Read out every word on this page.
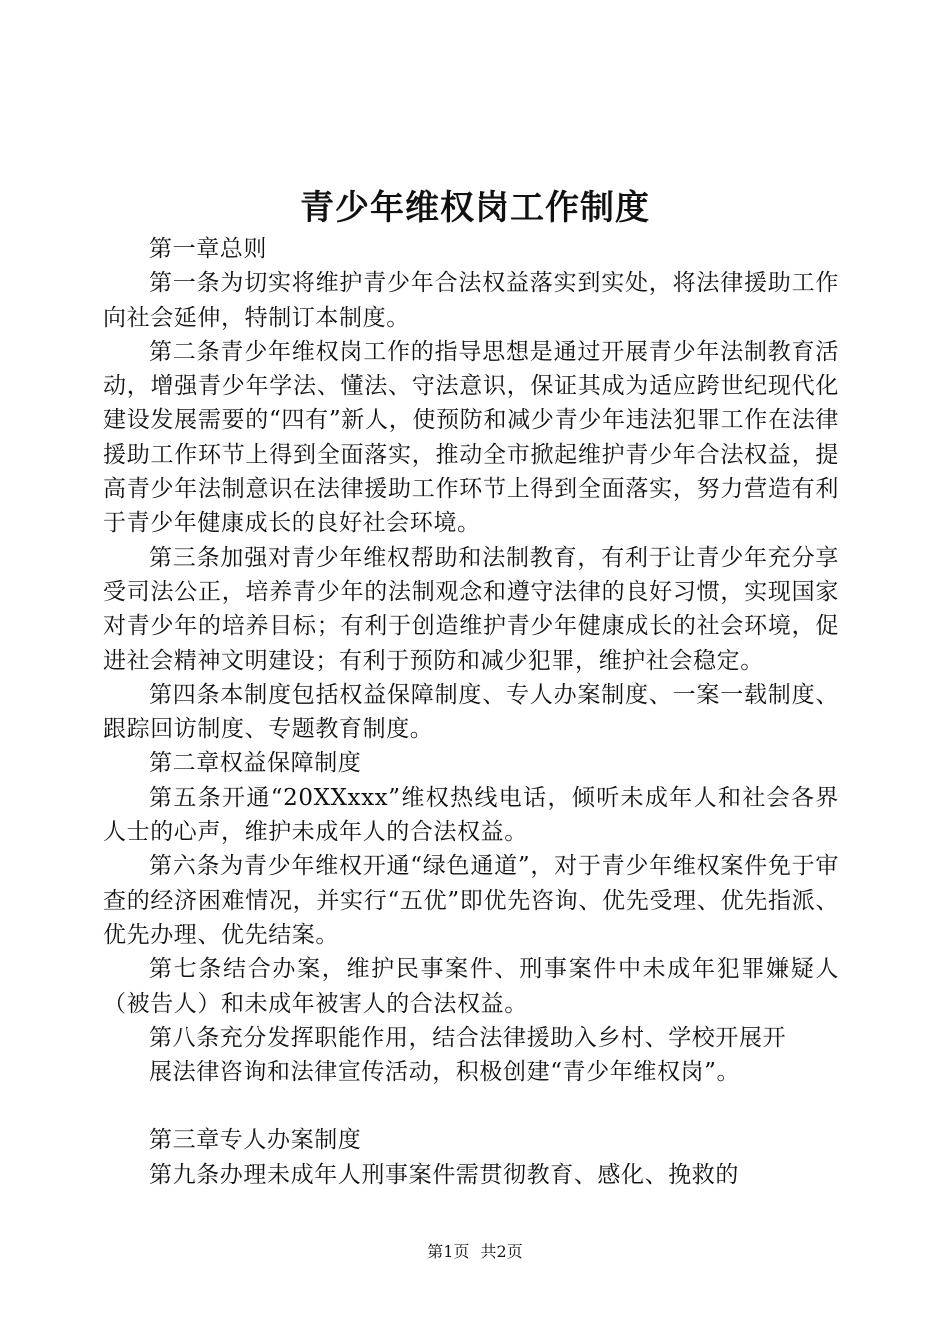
青少年维权岗工作制度

第一章总则

第一条为切实将维护青少年合法权益落实到实处，将法律援助工作向社会延伸，特制订本制度。

第二条青少年维权岗工作的指导思想是通过开展青少年法制教育活动，增强青少年学法、懂法、守法意识，保证其成为适应跨世纪现代化建设发展需要的“四有”新人，使预防和减少青少年违法犯罪工作在法律援助工作环节上得到全面落实，推动全市掀起维护青少年合法权益，提高青少年法制意识在法律援助工作环节上得到全面落实，努力营造有利于青少年健康成长的良好社会环境。

第三条加强对青少年维权帮助和法制教育，有利于让青少年充分享受司法公正，培养青少年的法制观念和遵守法律的良好习惯，实现国家对青少年的培养目标；有利于创造维护青少年健康成长的社会环境，促进社会精神文明建设；有利于预防和减少犯罪，维护社会稳定。

第四条本制度包括权益保障制度、专人办案制度、一案一载制度、跟踪回访制度、专题教育制度。

第二章权益保障制度

第五条开通“20XXxxx”维权热线电话，倾听未成年人和社会各界人士的心声，维护未成年人的合法权益。

第六条为青少年维权开通“绿色通道”，对于青少年维权案件免于审查的经济困难情况，并实行“五优”即优先咨询、优先受理、优先指派、优先办理、优先结案。

第七条结合办案，维护民事案件、刑事案件中未成年犯罪嫌疑人（被告人）和未成年被害人的合法权益。

第八条充分发挥职能作用，结合法律援助入乡村、学校开展开

展法律咨询和法律宣传活动，积极创建“青少年维权岗”。

第三章专人办案制度

第九条办理未成年人刑事案件需贯彻教育、感化、挽救的

第1页 共2页
